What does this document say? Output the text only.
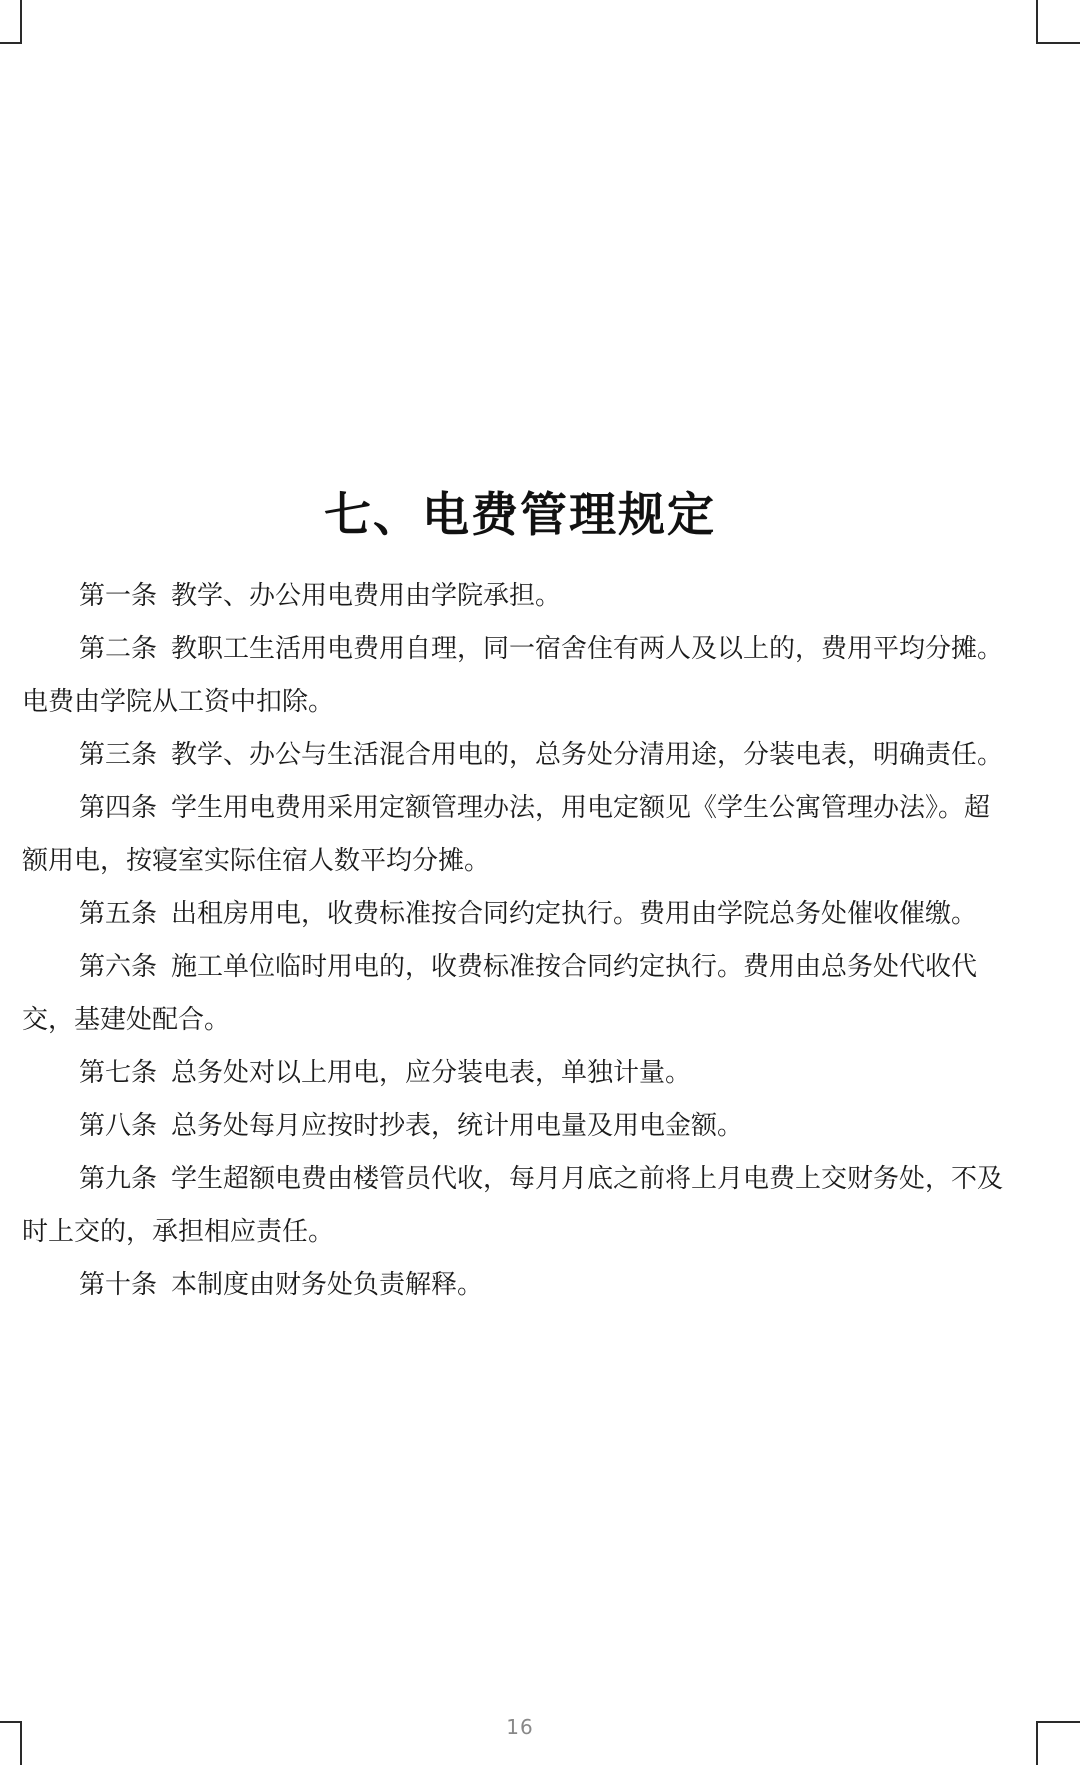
七、电费管理规定

第一条 教学、办公用电费用由学院承担。

第二条 教职工生活用电费用自理，同一宿舍住有两人及以上的，费用平均分摊。电费由学院从工资中扣除。

第三条 教学、办公与生活混合用电的，总务处分清用途，分装电表，明确责任。

第四条 学生用电费用采用定额管理办法，用电定额见《学生公寓管理办法》。超额用电，按寝室实际住宿人数平均分摊。

第五条 出租房用电，收费标准按合同约定执行。费用由学院总务处催收催缴。

第六条 施工单位临时用电的，收费标准按合同约定执行。费用由总务处代收代交，基建处配合。

第七条 总务处对以上用电，应分装电表，单独计量。

第八条 总务处每月应按时抄表，统计用电量及用电金额。

第九条 学生超额电费由楼管员代收，每月月底之前将上月电费上交财务处，不及时上交的，承担相应责任。

第十条 本制度由财务处负责解释。

16
